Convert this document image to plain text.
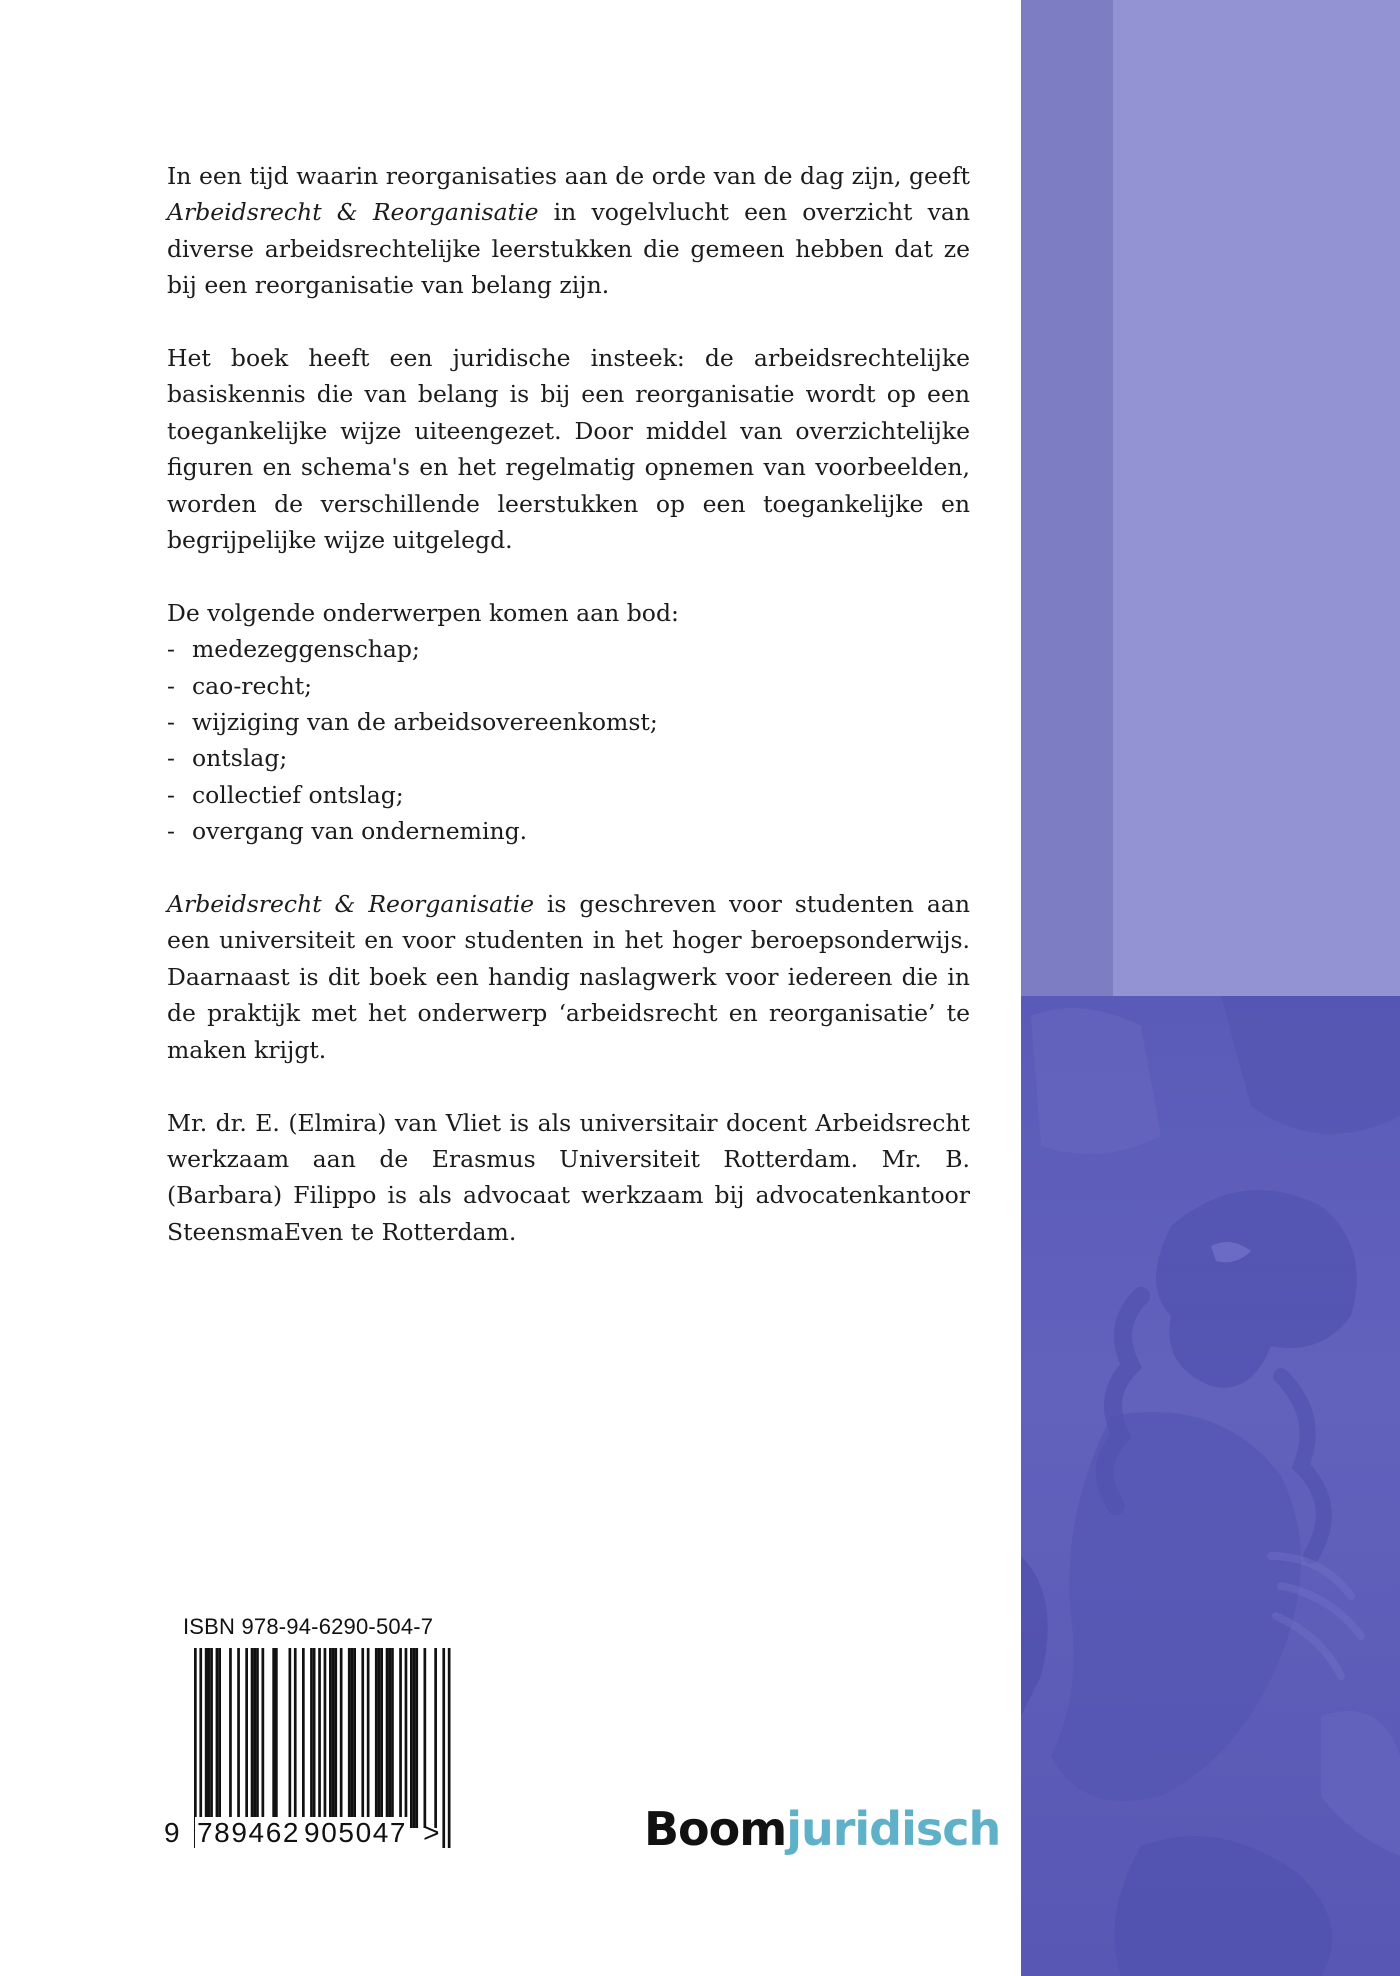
In een tijd waarin reorganisaties aan de orde van de dag zijn, geeft Arbeidsrecht & Reorganisatie in vogelvlucht een overzicht van diverse arbeidsrechtelijke leerstukken die gemeen hebben dat ze bij een reorganisatie van belang zijn.

Het boek heeft een juridische insteek: de arbeidsrechtelijke basiskennis die van belang is bij een reorganisatie wordt op een toegankelijke wijze uiteengezet. Door middel van overzichtelijke figuren en schema's en het regelmatig opnemen van voorbeelden, worden de verschillende leerstukken op een toegankelijke en begrijpelijke wijze uitgelegd.

De volgende onderwerpen komen aan bod:
- medezeggenschap;
- cao-recht;
- wijziging van de arbeidsovereenkomst;
- ontslag;
- collectief ontslag;
- overgang van onderneming.

Arbeidsrecht & Reorganisatie is geschreven voor studenten aan een universiteit en voor studenten in het hoger beroepsonderwijs. Daarnaast is dit boek een handig naslagwerk voor iedereen die in de praktijk met het onderwerp ‘arbeidsrecht en reorganisatie’ te maken krijgt.

Mr. dr. E. (Elmira) van Vliet is als universitair docent Arbeidsrecht werkzaam aan de Erasmus Universiteit Rotterdam. Mr. B. (Barbara) Filippo is als advocaat werkzaam bij advocatenkantoor SteensmaEven te Rotterdam.

ISBN 978-94-6290-504-7
9 789462 905047 >	Boomjuridisch
